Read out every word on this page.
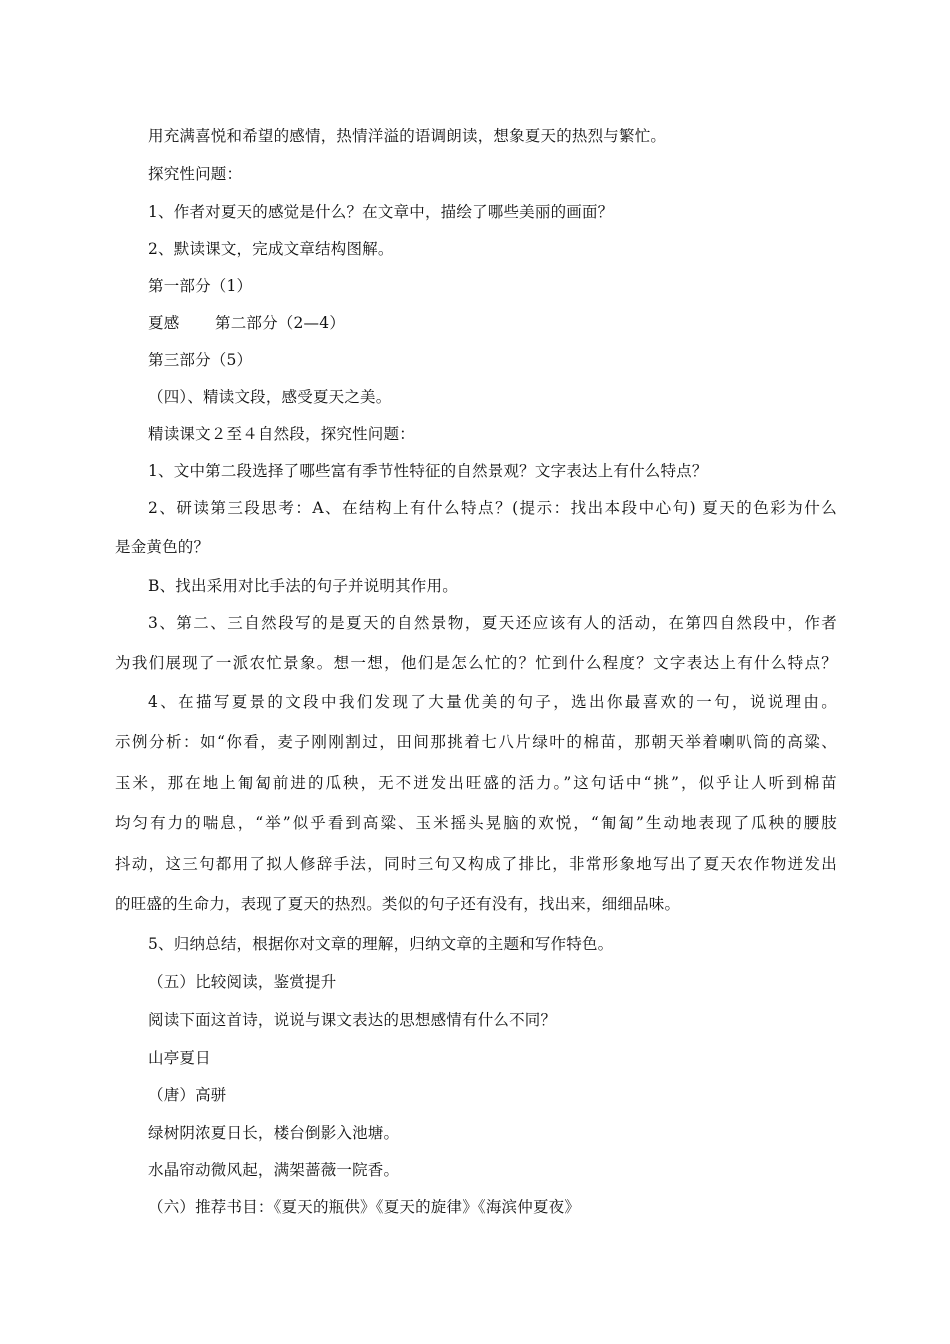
用充满喜悦和希望的感情，热情洋溢的语调朗读，想象夏天的热烈与繁忙。
探究性问题：
1、作者对夏天的感觉是什么？在文章中，描绘了哪些美丽的画面？
2、默读课文，完成文章结构图解。
第一部分（1）
夏感 第二部分（2—4）
第三部分（5）
（四）、精读文段，感受夏天之美。
精读课文２至４自然段，探究性问题：
1、文中第二段选择了哪些富有季节性特征的自然景观？文字表达上有什么特点？
2、研读第三段思考：A、在结构上有什么特点？(提示：找出本段中心句) 夏天的色彩为什么
是金黄色的？
B、找出采用对比手法的句子并说明其作用。
3、第二、三自然段写的是夏天的自然景物，夏天还应该有人的活动，在第四自然段中，作者
为我们展现了一派农忙景象。想一想，他们是怎么忙的？忙到什么程度？文字表达上有什么特点？
4、在描写夏景的文段中我们发现了大量优美的句子，选出你最喜欢的一句，说说理由。
示例分析：如“你看，麦子刚刚割过，田间那挑着七八片绿叶的棉苗，那朝天举着喇叭筒的高粱、
玉米，那在地上匍匐前进的瓜秧，无不迸发出旺盛的活力。”这句话中“挑”，似乎让人听到棉苗
均匀有力的喘息，“举”似乎看到高粱、玉米摇头晃脑的欢悦，“匍匐”生动地表现了瓜秧的腰肢
抖动，这三句都用了拟人修辞手法，同时三句又构成了排比，非常形象地写出了夏天农作物迸发出
的旺盛的生命力，表现了夏天的热烈。类似的句子还有没有，找出来，细细品味。
5、归纳总结，根据你对文章的理解，归纳文章的主题和写作特色。
（五）比较阅读，鉴赏提升
阅读下面这首诗，说说与课文表达的思想感情有什么不同？
山亭夏日
（唐）高骈
绿树阴浓夏日长，楼台倒影入池塘。
水晶帘动微风起，满架蔷薇一院香。
（六）推荐书目：《夏天的瓶供》《夏天的旋律》《海滨仲夏夜》
